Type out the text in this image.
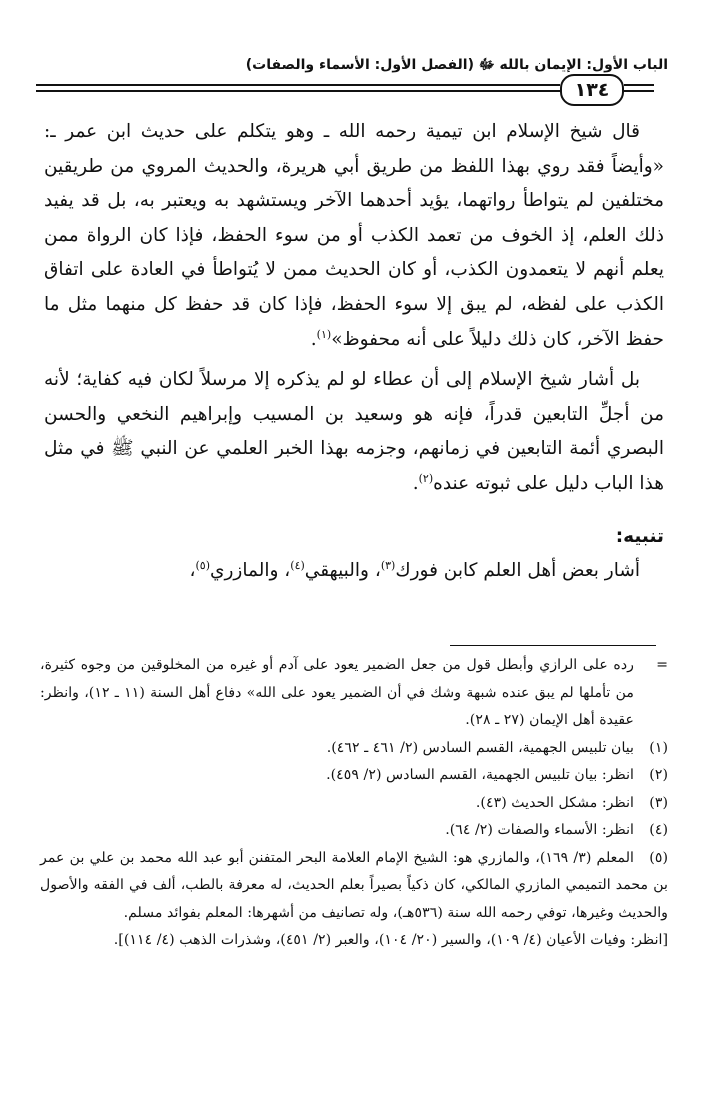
الباب الأول: الإيمان بالله ﷻ (الفصل الأول: الأسماء والصفات)
١٣٤

قال شيخ الإسلام ابن تيمية رحمه الله ـ وهو يتكلم على حديث ابن عمر ـ: «وأيضاً فقد روي بهذا اللفظ من طريق أبي هريرة، والحديث المروي من طريقين مختلفين لم يتواطأ رواتهما، يؤيد أحدهما الآخر ويستشهد به ويعتبر به، بل قد يفيد ذلك العلم، إذ الخوف من تعمد الكذب أو من سوء الحفظ، فإذا كان الرواة ممن يعلم أنهم لا يتعمدون الكذب، أو كان الحديث ممن لا يُتواطأ في العادة على اتفاق الكذب على لفظه، لم يبق إلا سوء الحفظ، فإذا كان قد حفظ كل منهما مثل ما حفظ الآخر، كان ذلك دليلاً على أنه محفوظ»$^{(١)}$.

بل أشار شيخ الإسلام إلى أن عطاء لو لم يذكره إلا مرسلاً لكان فيه كفاية؛ لأنه من أجلِّ التابعين قدراً، فإنه هو وسعيد بن المسيب وإبراهيم النخعي والحسن البصري أئمة التابعين في زمانهم، وجزمه بهذا الخبر العلمي عن النبي ﷺ في مثل هذا الباب دليل على ثبوته عنده$^{(٢)}$.

تنبيه:

أشار بعض أهل العلم كابن فورك$^{(٣)}$، والبيهقي$^{(٤)}$، والمازري$^{(٥)}$،

=
رده على الرازي وأبطل قول من جعل الضمير يعود على آدم أو غيره من المخلوقين من وجوه كثيرة، من تأملها لم يبق عنده شبهة وشك في أن الضمير يعود على الله» دفاع أهل السنة (١١ ـ ١٢)، وانظر: عقيدة أهل الإيمان (٢٧ ـ ٢٨).
(١)
بيان تلبيس الجهمية، القسم السادس (٢/ ٤٦١ ـ ٤٦٢).
(٢)
انظر: بيان تلبيس الجهمية، القسم السادس (٢/ ٤٥٩).
(٣)
انظر: مشكل الحديث (٤٣).
(٤)
انظر: الأسماء والصفات (٢/ ٦٤).
(٥)المعلم (٣/ ١٦٩)، والمازري هو: الشيخ الإمام العلامة البحر المتفنن أبو عبد الله محمد بن علي بن عمر بن محمد التميمي المازري المالكي، كان ذكياً بصيراً بعلم الحديث، له معرفة بالطب، ألف في الفقه والأصول والحديث وغيرها، توفي رحمه الله سنة (٥٣٦هـ)، وله تصانيف من أشهرها: المعلم بفوائد مسلم.
[انظر: وفيات الأعيان (٤/ ١٠٩)، والسير (٢٠/ ١٠٤)، والعبر (٢/ ٤٥١)، وشذرات الذهب (٤/ ١١٤)].
